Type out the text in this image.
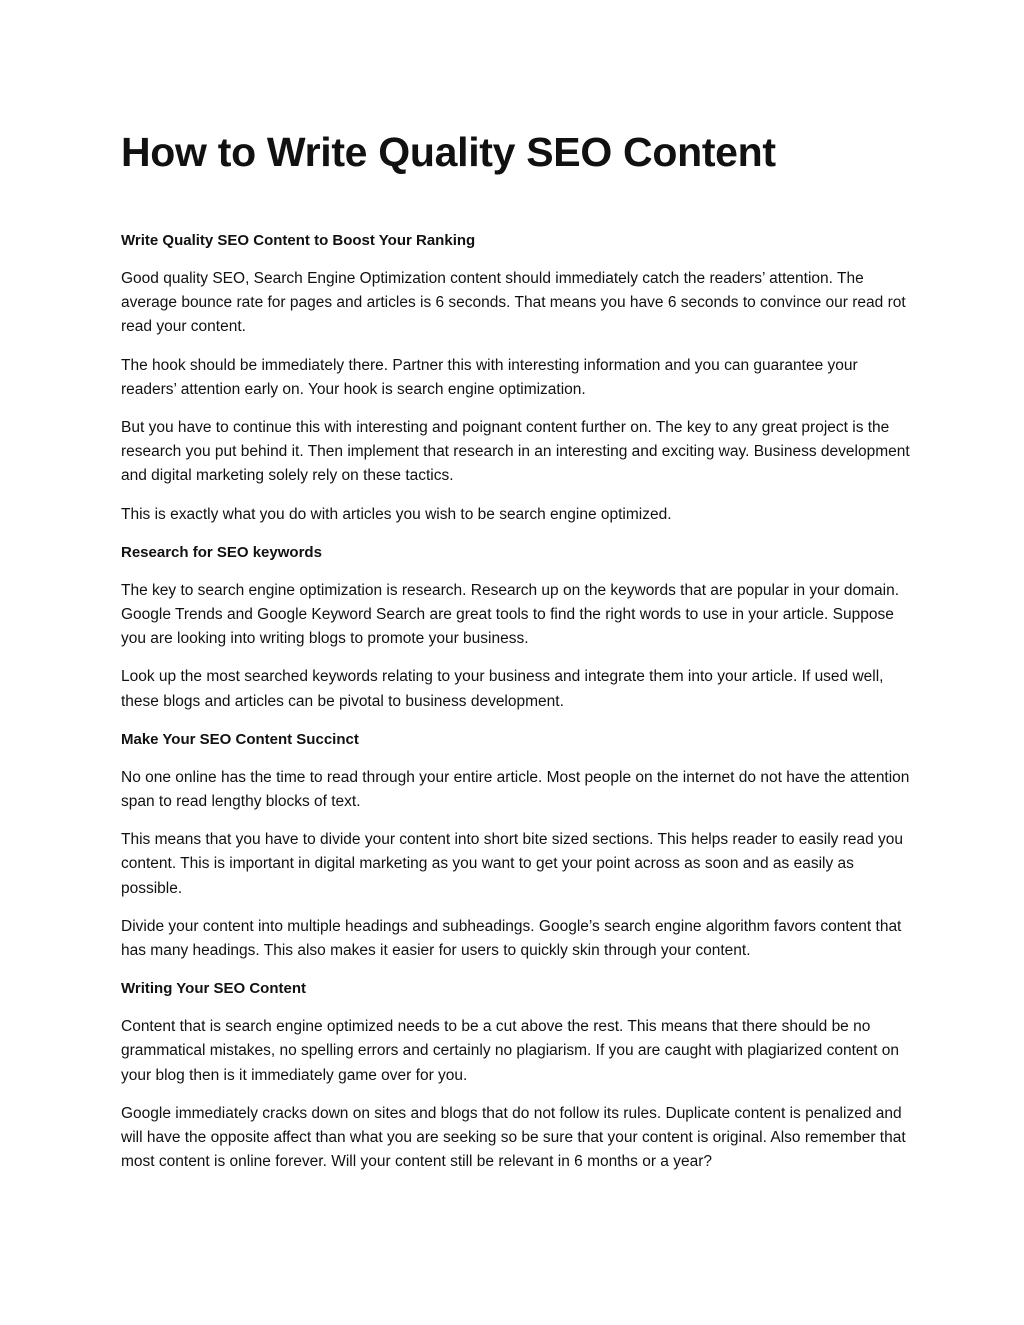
How to Write Quality SEO Content
Write Quality SEO Content to Boost Your Ranking

Good quality SEO, Search Engine Optimization content should immediately catch the readers’ attention. The average bounce rate for pages and articles is 6 seconds. That means you have 6 seconds to convince our read rot read your content.

The hook should be immediately there. Partner this with interesting information and you can guarantee your readers’ attention early on. Your hook is search engine optimization.

But you have to continue this with interesting and poignant content further on. The key to any great project is the research you put behind it. Then implement that research in an interesting and exciting way. Business development and digital marketing solely rely on these tactics.

This is exactly what you do with articles you wish to be search engine optimized.

Research for SEO keywords

The key to search engine optimization is research. Research up on the keywords that are popular in your domain. Google Trends and Google Keyword Search are great tools to find the right words to use in your article. Suppose you are looking into writing blogs to promote your business.

Look up the most searched keywords relating to your business and integrate them into your article. If used well, these blogs and articles can be pivotal to business development.

Make Your SEO Content Succinct

No one online has the time to read through your entire article. Most people on the internet do not have the attention span to read lengthy blocks of text.

This means that you have to divide your content into short bite sized sections. This helps reader to easily read you content. This is important in digital marketing as you want to get your point across as soon and as easily as possible.

Divide your content into multiple headings and subheadings. Google’s search engine algorithm favors content that has many headings. This also makes it easier for users to quickly skin through your content.

Writing Your SEO Content

Content that is search engine optimized needs to be a cut above the rest. This means that there should be no grammatical mistakes, no spelling errors and certainly no plagiarism. If you are caught with plagiarized content on your blog then is it immediately game over for you.

Google immediately cracks down on sites and blogs that do not follow its rules. Duplicate content is penalized and will have the opposite affect than what you are seeking so be sure that your content is original. Also remember that most content is online forever. Will your content still be relevant in 6 months or a year?
